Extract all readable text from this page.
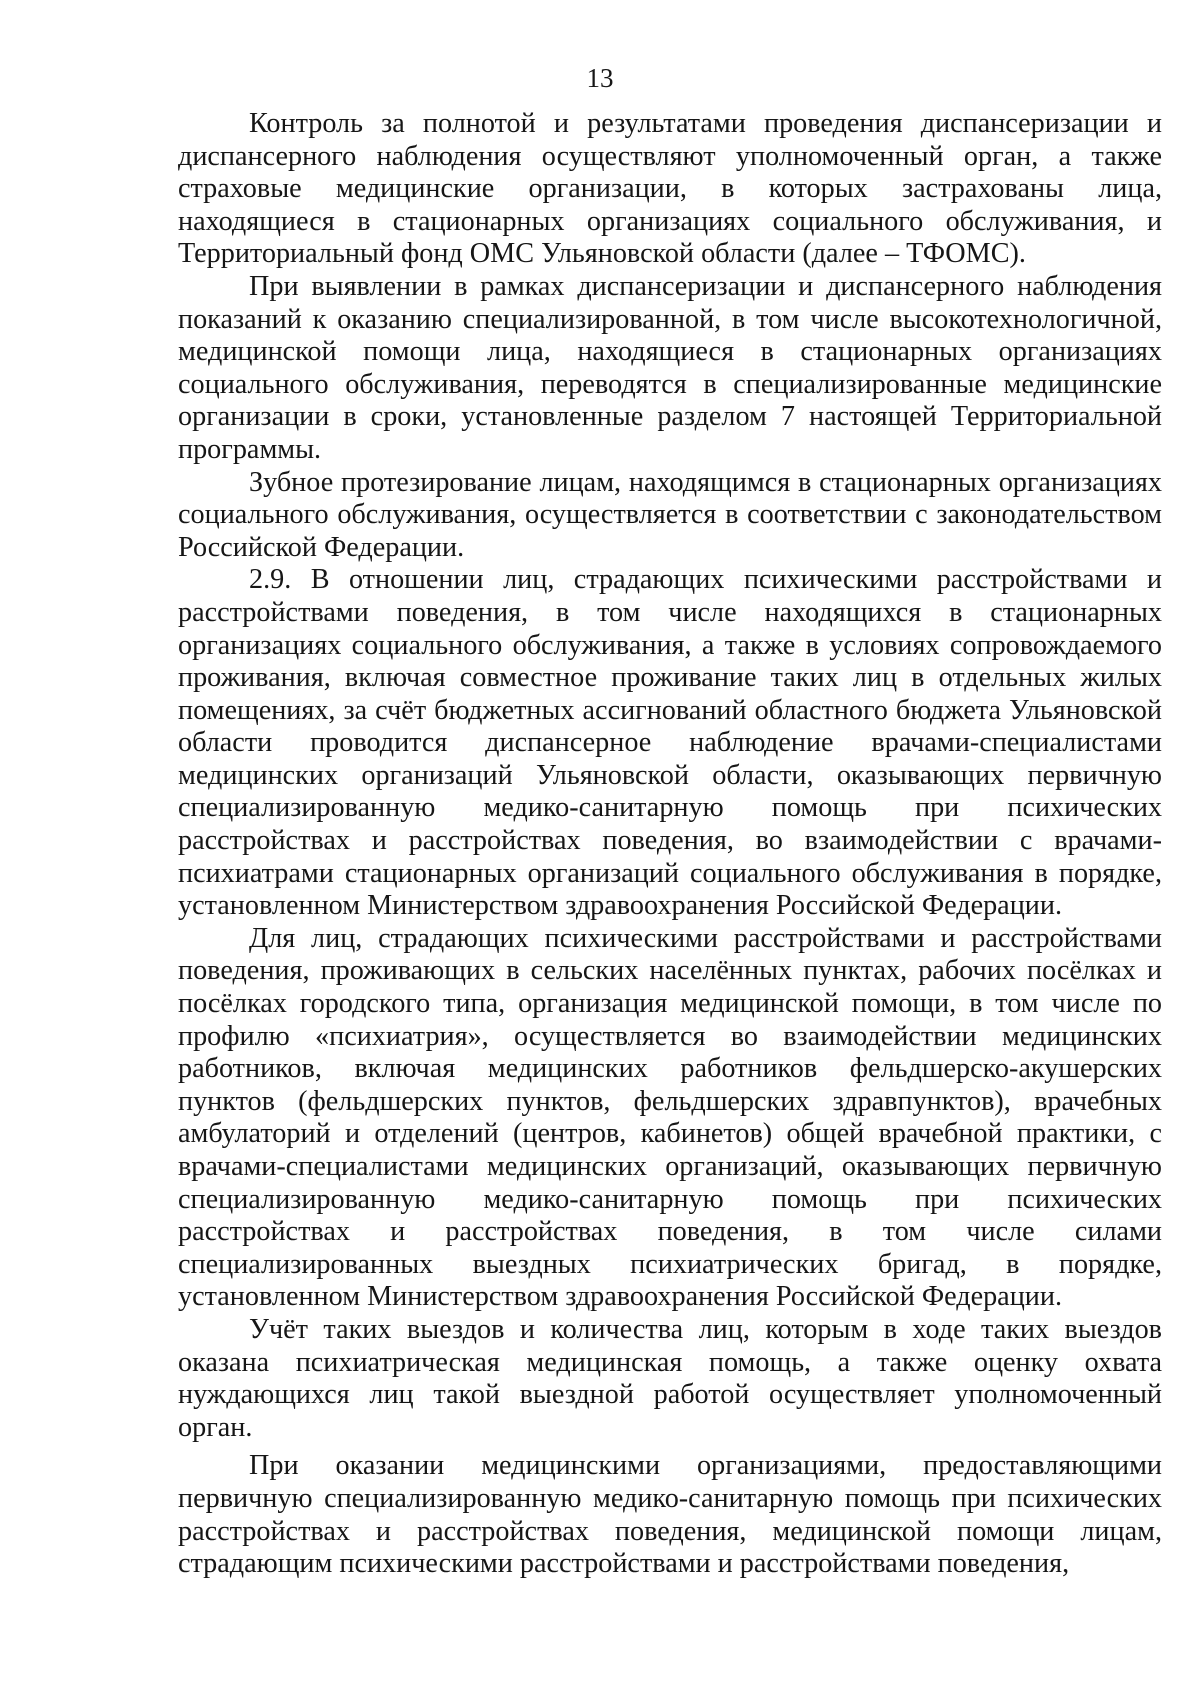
13

Контроль за полнотой и результатами проведения диспансеризации и диспансерного наблюдения осуществляют уполномоченный орган, а также страховые медицинские организации, в которых застрахованы лица, находящиеся в стационарных организациях социального обслуживания, и Территориальный фонд ОМС Ульяновской области (далее – ТФОМС).

При выявлении в рамках диспансеризации и диспансерного наблюдения показаний к оказанию специализированной, в том числе высокотехнологичной, медицинской помощи лица, находящиеся в стационарных организациях социального обслуживания, переводятся в специализированные медицинские организации в сроки, установленные разделом 7 настоящей Территориальной программы.

Зубное протезирование лицам, находящимся в стационарных организациях социального обслуживания, осуществляется в соответствии с законодательством Российской Федерации.

2.9. В отношении лиц, страдающих психическими расстройствами и расстройствами поведения, в том числе находящихся в стационарных организациях социального обслуживания, а также в условиях сопровождаемого проживания, включая совместное проживание таких лиц в отдельных жилых помещениях, за счёт бюджетных ассигнований областного бюджета Ульяновской области проводится диспансерное наблюдение врачами-специалистами медицинских организаций Ульяновской области, оказывающих первичную специализированную медико-санитарную помощь при психических расстройствах и расстройствах поведения, во взаимодействии с врачами-психиатрами стационарных организаций социального обслуживания в порядке, установленном Министерством здравоохранения Российской Федерации.

Для лиц, страдающих психическими расстройствами и расстройствами поведения, проживающих в сельских населённых пунктах, рабочих посёлках и посёлках городского типа, организация медицинской помощи, в том числе по профилю «психиатрия», осуществляется во взаимодействии медицинских работников, включая медицинских работников фельдшерско-акушерских пунктов (фельдшерских пунктов, фельдшерских здравпунктов), врачебных амбулаторий и отделений (центров, кабинетов) общей врачебной практики, с врачами-специалистами медицинских организаций, оказывающих первичную специализированную медико-санитарную помощь при психических расстройствах и расстройствах поведения, в том числе силами специализированных выездных психиатрических бригад, в порядке, установленном Министерством здравоохранения Российской Федерации.

Учёт таких выездов и количества лиц, которым в ходе таких выездов оказана психиатрическая медицинская помощь, а также оценку охвата нуждающихся лиц такой выездной работой осуществляет уполномоченный орган.

При оказании медицинскими организациями, предоставляющими первичную специализированную медико-санитарную помощь при психических расстройствах и расстройствах поведения, медицинской помощи лицам, страдающим психическими расстройствами и расстройствами поведения,
